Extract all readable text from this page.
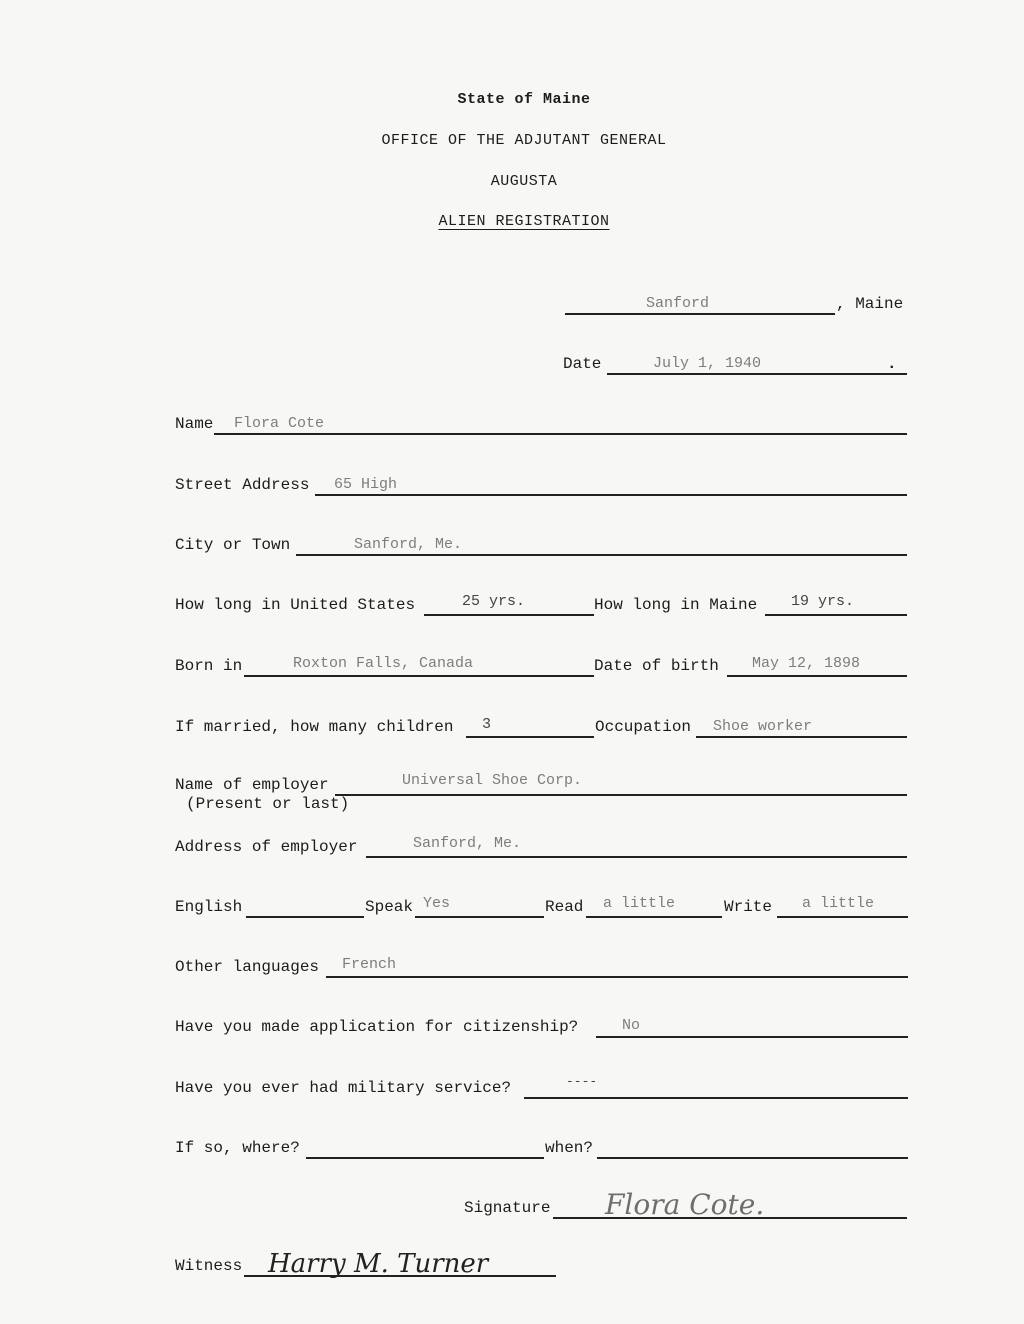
State of Maine
OFFICE OF THE ADJUTANT GENERAL
AUGUSTA
ALIEN REGISTRATION
Sanford	, Maine
Date	July 1, 1940	.
Name Flora Cote
Street Address 65 High
City or Town	Sanford, Me.
How long in United States	25 yrs.	How long in Maine 19 yrs.
Born in	Roxton Falls, Canada	Date of birth May 12, 1898
If married, how many children 3	Occupation Shoe worker
Name of employer	Universal Shoe Corp.
(Present or last)
Address of employer	Sanford, Me.
English	Speak Yes	Read a little	Write a little
Other languages French
Have you made application for citizenship?	No
Have you ever had military service?	----
If so, where?	when?
Signature Flora Cote.
Witness Harry M. Turner
